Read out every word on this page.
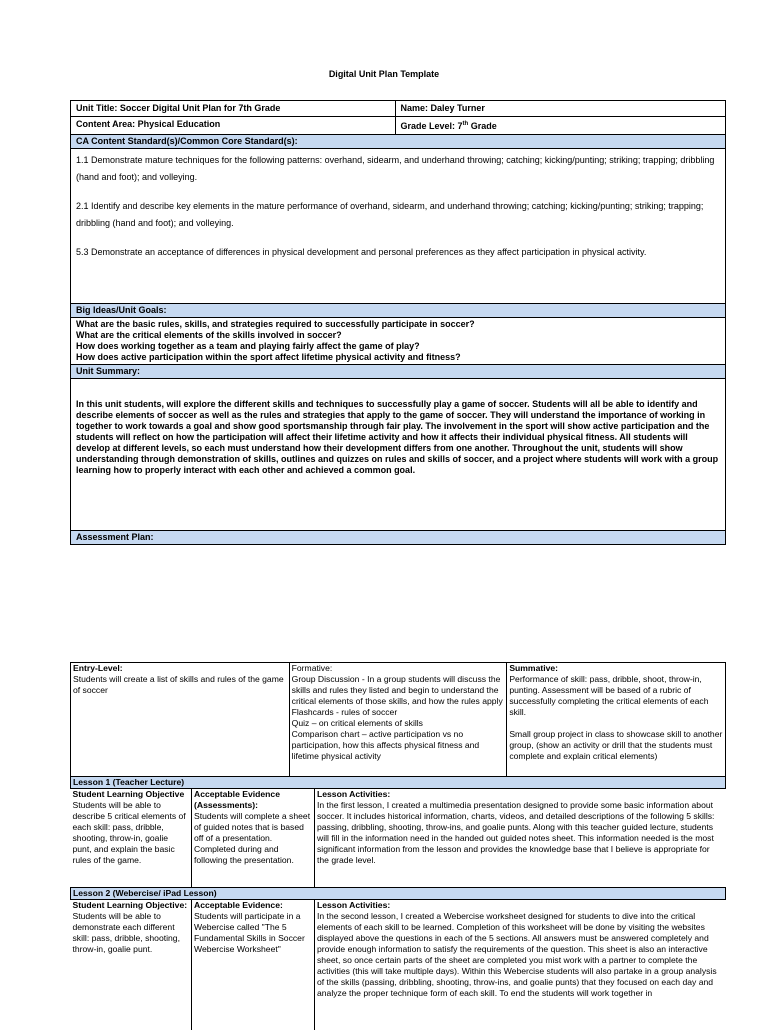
Digital Unit Plan Template
Unit Title: Soccer Digital Unit Plan for 7th Grade	Name: Daley Turner
Content Area: Physical Education	Grade Level: 7th Grade
CA Content Standard(s)/Common Core Standard(s):	

1.1 Demonstrate mature techniques for the following patterns: overhand, sidearm, and underhand throwing; catching; kicking/punting; striking; trapping; dribbling (hand and foot); and volleying.

2.1 Identify and describe key elements in the mature performance of overhand, sidearm, and underhand throwing; catching; kicking/punting; striking; trapping; dribbling (hand and foot); and volleying.

5.3 Demonstrate an acceptance of differences in physical development and personal preferences as they affect participation in physical activity.	

Big Ideas/Unit Goals:	

What are the basic rules, skills, and strategies required to successfully participate in soccer?
What are the critical elements of the skills involved in soccer?
How does working together as a team and playing fairly affect the game of play?
How does active participation within the sport affect lifetime physical activity and fitness?	

Unit Summary:	
In this unit students, will explore the different skills and techniques to successfully play a game of soccer. Students will all be able to identify and describe elements of soccer as well as the rules and strategies that apply to the game of soccer. They will understand the importance of working in together to work towards a goal and show good sportsmanship through fair play. The involvement in the sport will show active participation and the students will reflect on how the participation will affect their lifetime activity and how it affects their individual physical fitness. All students will develop at different levels, so each must understand how their development differs from one another. Throughout the unit, students will show understanding through demonstration of skills, outlines and quizzes on rules and skills of soccer, and a project where students will work with a group learning how to properly interact with each other and achieved a common goal.	
Assessment Plan:	
Entry-Level:
Students will create a list of skills and rules of the game of soccer	
Formative:
Group Discussion - In a group students will discuss the skills and rules they listed and begin to understand the critical elements of those skills, and how the rules apply
Flashcards - rules of soccer
Quiz – on critical elements of skills
Comparison chart – active participation vs no participation, how this affects physical fitness and lifetime physical activity

Summative:
Performance of skill: pass, dribble, shoot, throw-in, punting. Assessment will be based of a rubric of successfully completing the critical elements of each skill.
Small group project in class to showcase skill to another group, (show an activity or drill that the students must complete and explain critical elements)

Lesson 1 (Teacher Lecture)

Student Learning Objective
Students will be able to describe 5 critical elements of each skill: pass, dribble, shooting, throw-in, goalie punt, and explain the basic rules of the game.	
Acceptable Evidence (Assessments):
Students will complete a sheet of guided notes that is based off of a presentation. Completed during and following the presentation.	
Lesson Activities:
In the first lesson, I created a multimedia presentation designed to provide some basic information about soccer. It includes historical information, charts, videos, and detailed descriptions of the following 5 skills: passing, dribbling, shooting, throw-ins, and goalie punts. Along with this teacher guided lecture, students will fill in the information need in the handed out guided notes sheet. This information needed is the most significant information from the lesson and provides the knowledge base that I believe is appropriate for the grade level.

Lesson 2 (Webercise/ iPad Lesson)

Student Learning Objective:
Students will be able to demonstrate each different skill: pass, dribble, shooting, throw-in, goalie punt.	
Acceptable Evidence:
Students will participate in a Webercise called "The 5 Fundamental Skills in Soccer Webercise Worksheet"	
Lesson Activities:
In the second lesson, I created a Webercise worksheet designed for students to dive into the critical elements of each skill to be learned. Completion of this worksheet will be done by visiting the websites displayed above the questions in each of the 5 sections. All answers must be answered completely and provide enough information to satisfy the requirements of the question. This sheet is also an interactive sheet, so once certain parts of the sheet are completed you mist work with a partner to complete the activities (this will take multiple days). Within this Webercise students will also partake in a group analysis of the skills (passing, dribbling, shooting, throw-ins, and goalie punts) that they focused on each day and analyze the proper technique form of each skill. To end the students will work together in
